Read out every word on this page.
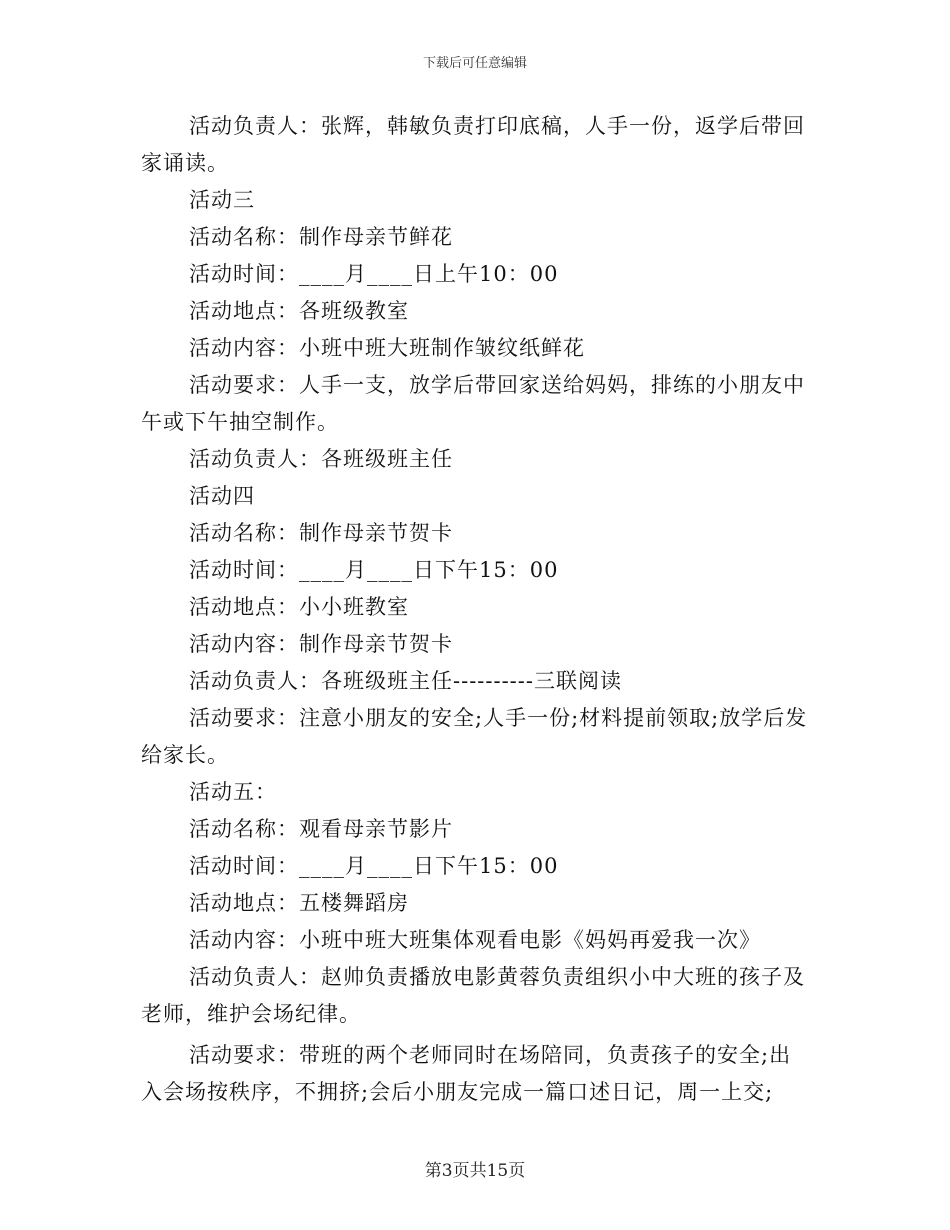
下载后可任意编辑

活动负责人：张辉，韩敏负责打印底稿，人手一份，返学后带回家诵读。

活动三

活动名称：制作母亲节鲜花

活动时间：____月____日上午10：00

活动地点：各班级教室

活动内容：小班中班大班制作皱纹纸鲜花

活动要求：人手一支，放学后带回家送给妈妈，排练的小朋友中午或下午抽空制作。

活动负责人：各班级班主任

活动四

活动名称：制作母亲节贺卡

活动时间：____月____日下午15：00

活动地点：小小班教室

活动内容：制作母亲节贺卡

活动负责人：各班级班主任----------三联阅读

活动要求：注意小朋友的安全;人手一份;材料提前领取;放学后发给家长。

活动五：

活动名称：观看母亲节影片

活动时间：____月____日下午15：00

活动地点：五楼舞蹈房

活动内容：小班中班大班集体观看电影《妈妈再爱我一次》

活动负责人：赵帅负责播放电影黄蓉负责组织小中大班的孩子及老师，维护会场纪律。

活动要求：带班的两个老师同时在场陪同，负责孩子的安全;出入会场按秩序，不拥挤;会后小朋友完成一篇口述日记，周一上交;

第3页共15页
